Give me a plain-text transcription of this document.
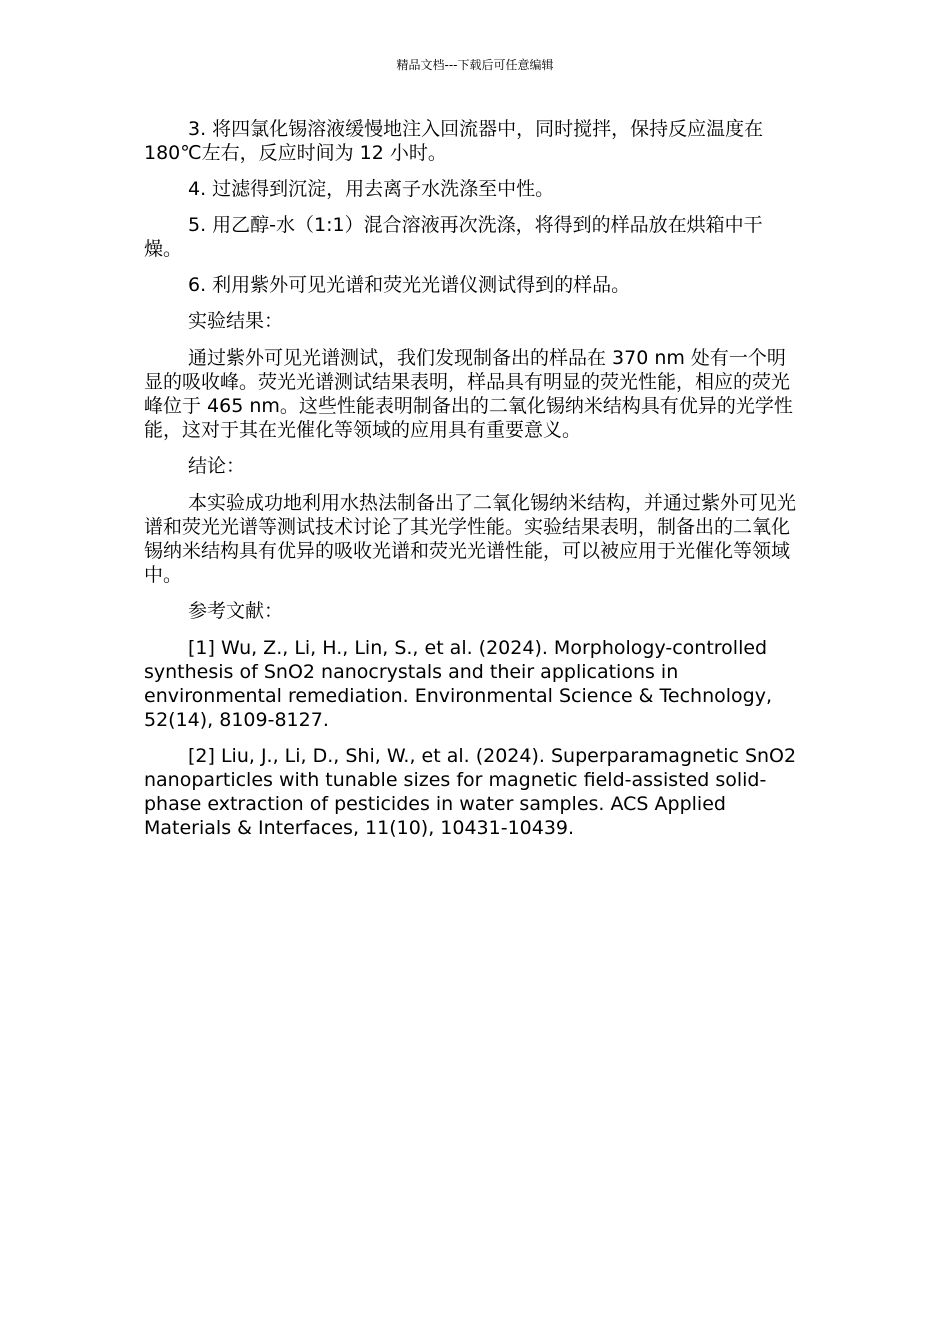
精品文档---下载后可任意编辑

3. 将四氯化锡溶液缓慢地注入回流器中，同时搅拌，保持反应温度在 180℃左右，反应时间为 12 小时。

4. 过滤得到沉淀，用去离子水洗涤至中性。

5. 用乙醇-水（1:1）混合溶液再次洗涤，将得到的样品放在烘箱中干燥。

6. 利用紫外可见光谱和荧光光谱仪测试得到的样品。

实验结果：

通过紫外可见光谱测试，我们发现制备出的样品在 370 nm 处有一个明显的吸收峰。荧光光谱测试结果表明，样品具有明显的荧光性能，相应的荧光峰位于 465 nm。这些性能表明制备出的二氧化锡纳米结构具有优异的光学性能，这对于其在光催化等领域的应用具有重要意义。

结论：

本实验成功地利用水热法制备出了二氧化锡纳米结构，并通过紫外可见光谱和荧光光谱等测试技术讨论了其光学性能。实验结果表明，制备出的二氧化锡纳米结构具有优异的吸收光谱和荧光光谱性能，可以被应用于光催化等领域中。

参考文献：

[1] Wu, Z., Li, H., Lin, S., et al. (2024). Morphology-controlled synthesis of SnO2 nanocrystals and their applications in environmental remediation. Environmental Science & Technology, 52(14), 8109-8127.

[2] Liu, J., Li, D., Shi, W., et al. (2024). Superparamagnetic SnO2 nanoparticles with tunable sizes for magnetic field-assisted solid-phase extraction of pesticides in water samples. ACS Applied Materials & Interfaces, 11(10), 10431-10439.
